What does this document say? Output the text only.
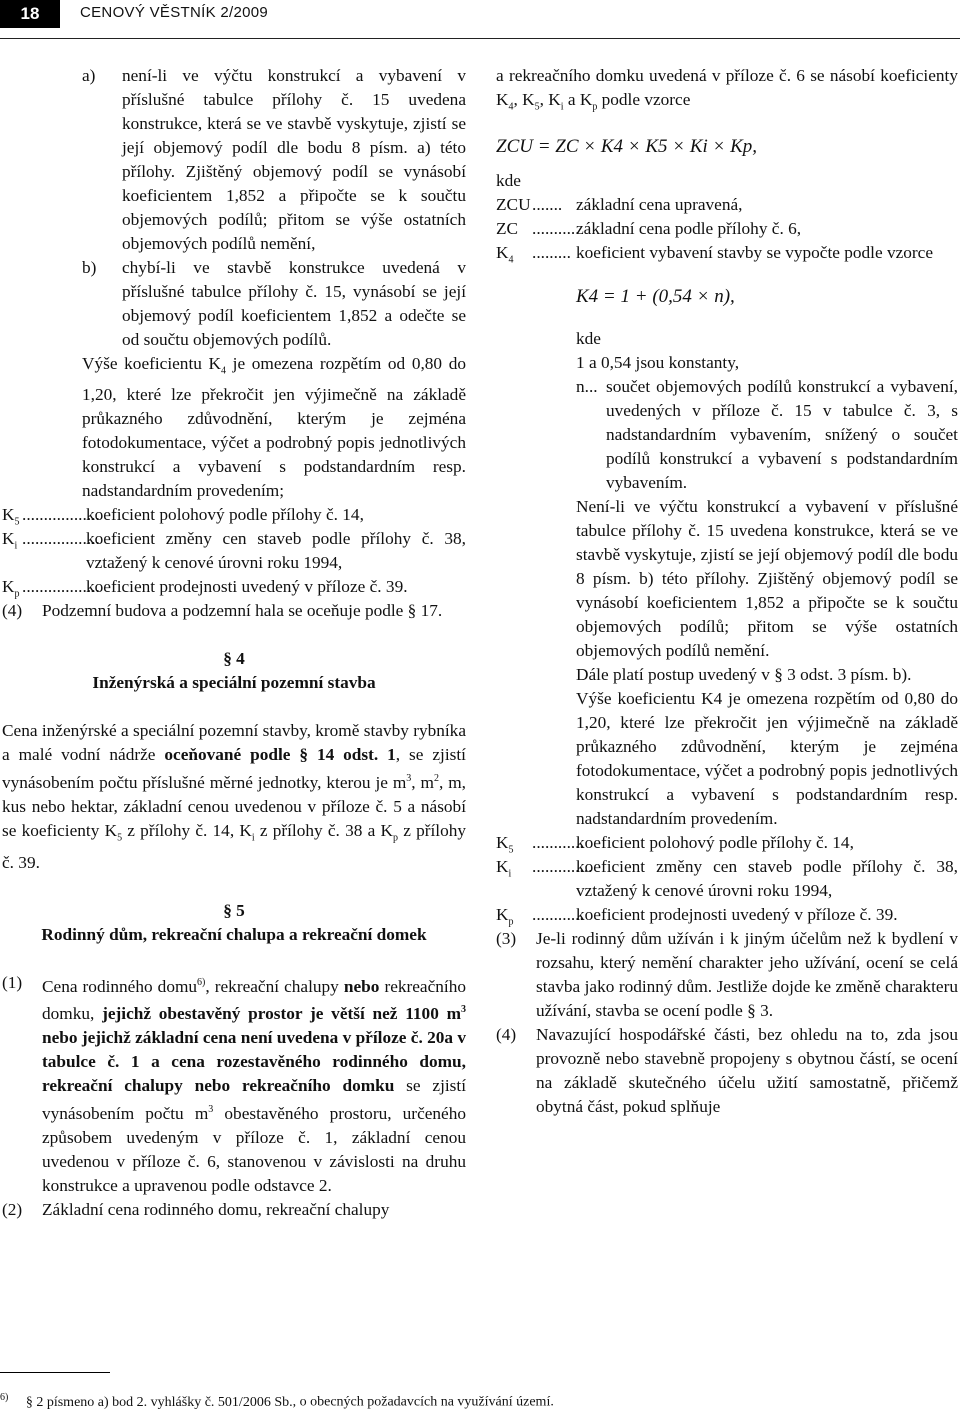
18	CENOVÝ VĚSTNÍK 2/2009

a) není-li ve výčtu konstrukcí a vybavení v příslušné tabulce přílohy č. 15 uvedena konstrukce, která se ve stavbě vyskytuje, zjistí se její objemový podíl dle bodu 8 písm. a) této přílohy. Zjištěný objemový podíl se vynásobí koeficientem 1,852 a připočte se k součtu objemových podílů; přitom se výše ostatních objemových podílů nemění,

b) chybí-li ve stavbě konstrukce uvedená v příslušné tabulce přílohy č. 15, vynásobí se její objemový podíl koeficientem 1,852 a odečte se od součtu objemových podílů.

Výše koeficientu $K_4$ je omezena rozpětím od 0,80 do 1,20, které lze překročit jen výjimečně na základě průkazného zdůvodnění, kterým je zejména fotodokumentace, výčet a podrobný popis jednotlivých konstrukcí a vybavení s podstandardním resp. nadstandardním provedením;

$K_5$ ..................
koeficient polohový podle přílohy č. 14,

$K_i$ ..................
koeficient změny cen staveb podle přílohy č. 38, vztažený k cenové úrovni roku 1994,

$K_p$ ..................
koeficient prodejnosti uvedený v příloze č. 39.

(4) Podzemní budova a podzemní hala se oceňuje podle § 17.

§ 4

Inženýrská a speciální pozemní stavba

Cena inženýrské a speciální pozemní stavby, kromě stavby rybníka a malé vodní nádrže oceňované podle § 14 odst. 1, se zjistí vynásobením počtu příslušné měrné jednotky, kterou je $m^3$, $m^2$, m, kus nebo hektar, základní cenou uvedenou v příloze č. 5 a násobí se koeficienty $K_5$ z přílohy č. 14, $K_i$ z přílohy č. 38 a $K_p$ z přílohy č. 39.

§ 5

Rodinný dům, rekreační chalupa a rekreační domek

(1) Cena rodinného domu$^{6)}$, rekreační chalupy nebo rekreačního domku, jejichž obestavěný prostor je větší než 1100 $m^3$ nebo jejichž základní cena není uvedena v příloze č. 20a v tabulce č. 1 a cena rozestavěného rodinného domu, rekreační chalupy nebo rekreačního domku se zjistí vynásobením počtu $m^3$ obestavěného prostoru, určeného způsobem uvedeným v příloze č. 1, základní cenou uvedenou v příloze č. 6, stanovenou v závislosti na druhu konstrukce a upravenou podle odstavce 2.

(2) Základní cena rodinného domu, rekreační chalupy

a rekreačního domku uvedená v příloze č. 6 se násobí koeficienty $K_4$, $K_5$, $K_i$ a $K_p$ podle vzorce

ZCU = ZC × K4 × K5 × Ki × Kp,

kde

ZCU ....... základní cena upravená,

ZC ...........
základní cena podle přílohy č. 6,

$K_4$ ......... koeficient vybavení stavby se vypočte podle vzorce

K4 = 1 + (0,54 × n),

kde

1 a 0,54 jsou konstanty,

n... součet objemových podílů konstrukcí a vybavení, uvedených v příloze č. 15 v tabulce č. 3, s nadstandardním vybavením, snížený o součet podílů konstrukcí a vybavení s podstandardním vybavením.

Není-li ve výčtu konstrukcí a vybavení v příslušné tabulce přílohy č. 15 uvedena konstrukce, která se ve stavbě vyskytuje, zjistí se její objemový podíl dle bodu 8 písm. b) této přílohy. Zjištěný objemový podíl se vynásobí koeficientem 1,852 a připočte se k součtu objemových podílů; přitom se výše ostatních objemových podílů nemění.

Dále platí postup uvedený v § 3 odst. 3 písm. b).

Výše koeficientu K4 je omezena rozpětím od 0,80 do 1,20, které lze překročit jen výjimečně na základě průkazného zdůvodnění, kterým je zejména fotodokumentace, výčet a podrobný popis jednotlivých konstrukcí a vybavení s podstandardním resp. nadstandardním provedením.

$K_5$ ............
koeficient polohový podle přílohy č. 14,

$K_i$ ..............
koeficient změny cen staveb podle přílohy č. 38, vztažený k cenové úrovni roku 1994,

$K_p$ ............
koeficient prodejnosti uvedený v příloze č. 39.

(3) Je-li rodinný dům užíván i k jiným účelům než k bydlení v rozsahu, který nemění charakter jeho užívání, ocení se celá stavba jako rodinný dům. Jestliže dojde ke změně charakteru užívání, stavba se ocení podle § 3.

(4) Navazující hospodářské části, bez ohledu na to, zda jsou provozně nebo stavebně propojeny s obytnou částí, se ocení na základě skutečného účelu užití samostatně, přičemž obytná část, pokud splňuje

$^{6)}$ § 2 písmeno a) bod 2. vyhlášky č. 501/2006 Sb., o obecných požadavcích na využívání území.
